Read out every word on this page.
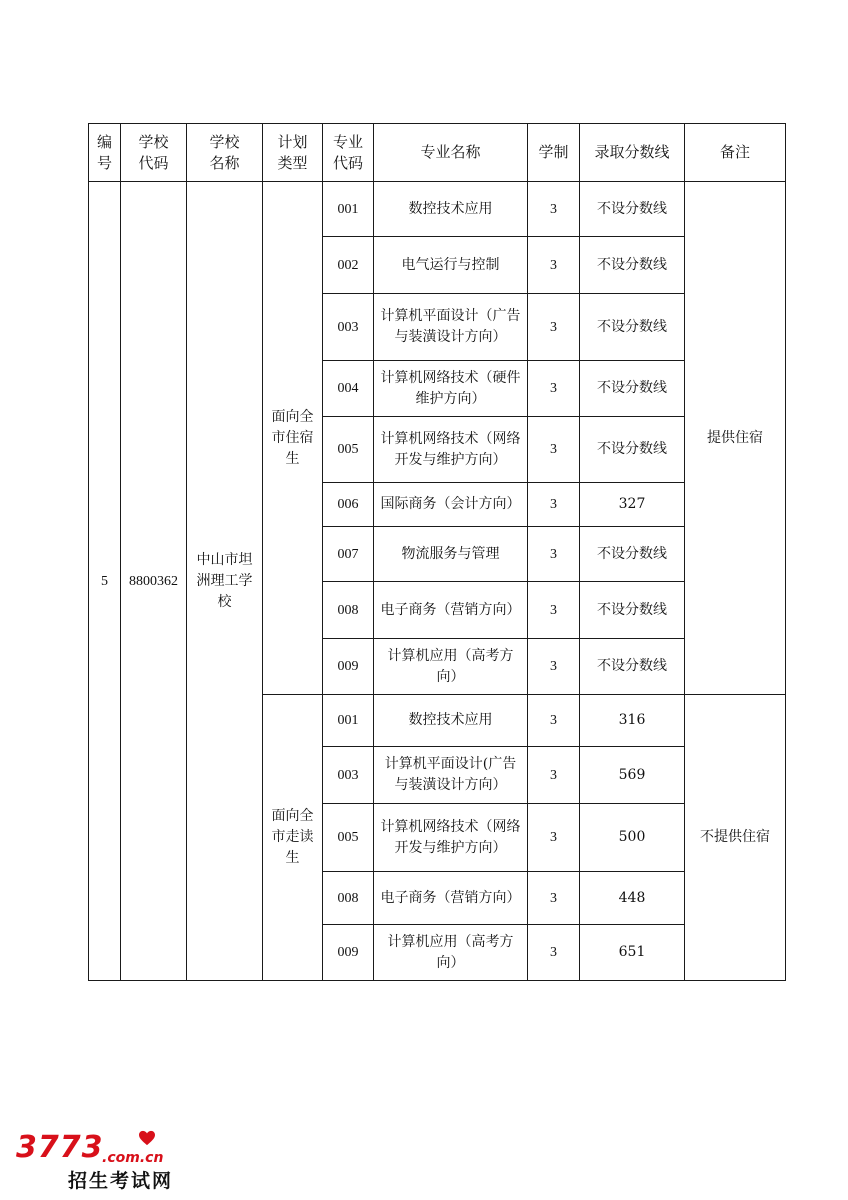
编号	学校代码	学校名称	计划类型	专业代码	专业名称	学制	录取分数线	备注
5	8800362	中山市坦洲理工学校	面向全市住宿生	001	数控技术应用	3	不设分数线	提供住宿
				002	电气运行与控制	3	不设分数线	
				003	计算机平面设计（广告与装潢设计方向）	3	不设分数线	
				004	计算机网络技术（硬件维护方向）	3	不设分数线	
				005	计算机网络技术（网络开发与维护方向）	3	不设分数线	
				006	国际商务（会计方向）	3	327	
				007	物流服务与管理	3	不设分数线	
				008	电子商务（营销方向）	3	不设分数线	
				009	计算机应用（高考方向）	3	不设分数线	
			面向全市走读生	001	数控技术应用	3	316	不提供住宿
				003	计算机平面设计(广告与装潢设计方向）	3	569	
				005	计算机网络技术（网络开发与维护方向）	3	500	
				008	电子商务（营销方向）	3	448	
				009	计算机应用（高考方向）	3	651	
3773
.com.cn
招生考试网
